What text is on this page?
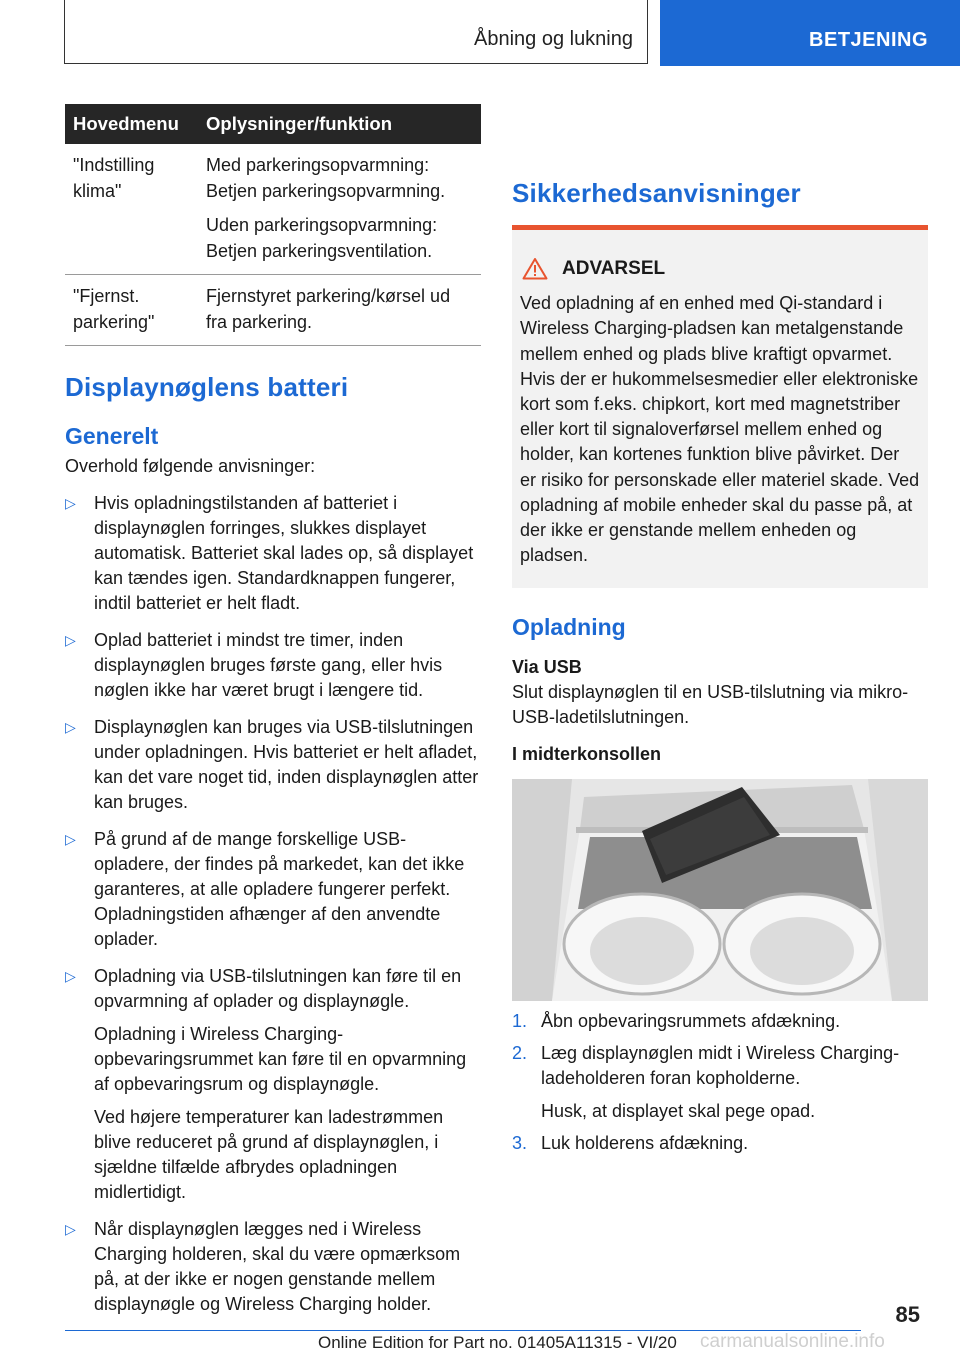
Åbning og lukning	BETJENING
Hovedmenu	Oplysninger/funktion
"Indstilling klima"	Med parkeringsopvarmning: Betjen parkeringsopvarmning.

Uden parkeringsopvarmning: Betjen parkeringsventilation.

"Fjernst. parkering"	Fjernstyret parkering/kørsel ud fra parkering.

Displaynøglens batteri
Generelt

Overhold følgende anvisninger:

▷ Hvis opladningstilstanden af batteriet i displaynøglen forringes, slukkes displayet automatisk. Batteriet skal lades op, så displayet kan tændes igen. Standardknappen fungerer, indtil batteriet er helt fladt.

▷ Oplad batteriet i mindst tre timer, inden displaynøglen bruges første gang, eller hvis nøglen ikke har været brugt i længere tid.

▷ Displaynøglen kan bruges via USB-tilslutningen under opladningen. Hvis batteriet er helt afladet, kan det vare noget tid, inden displaynøglen atter kan bruges.

▷ På grund af de mange forskellige USB-opladere, der findes på markedet, kan det ikke garanteres, at alle opladere fungerer perfekt. Opladningstiden afhænger af den anvendte oplader.

▷ Opladning via USB-tilslutningen kan føre til en opvarmning af oplader og displaynøgle.

Opladning i Wireless Charging-opbevaringsrummet kan føre til en opvarmning af opbevaringsrum og displaynøgle.

Ved højere temperaturer kan ladestrømmen blive reduceret på grund af displaynøglen, i sjældne tilfælde afbrydes opladningen midlertidigt.

▷ Når displaynøglen lægges ned i Wireless Charging holderen, skal du være opmærksom på, at der ikke er nogen genstande mellem displaynøgle og Wireless Charging holder.

Sikkerhedsanvisninger
ADVARSEL

Ved opladning af en enhed med Qi-standard i Wireless Charging-pladsen kan metalgenstande mellem enhed og plads blive kraftigt opvarmet. Hvis der er hukommelsesmedier eller elektroniske kort som f.eks. chipkort, kort med magnetstriber eller kort til signaloverførsel mellem enhed og holder, kan kortenes funktion blive påvirket. Der er risiko for personskade eller materiel skade. Ved opladning af mobile enheder skal du passe på, at der ikke er genstande mellem enheden og pladsen.

Opladning
Via USB

Slut displaynøglen til en USB-tilslutning via mikro-USB-ladetilslutningen.

I midterkonsollen
1. Åbn opbevaringsrummets afdækning.

2. Læg displaynøglen midt i Wireless Charging-ladeholderen foran kopholderne.

Husk, at displayet skal pege opad.

3. Luk holderens afdækning.

85
Online Edition for Part no. 01405A11315 - VI/20 carmanualsonline.info
